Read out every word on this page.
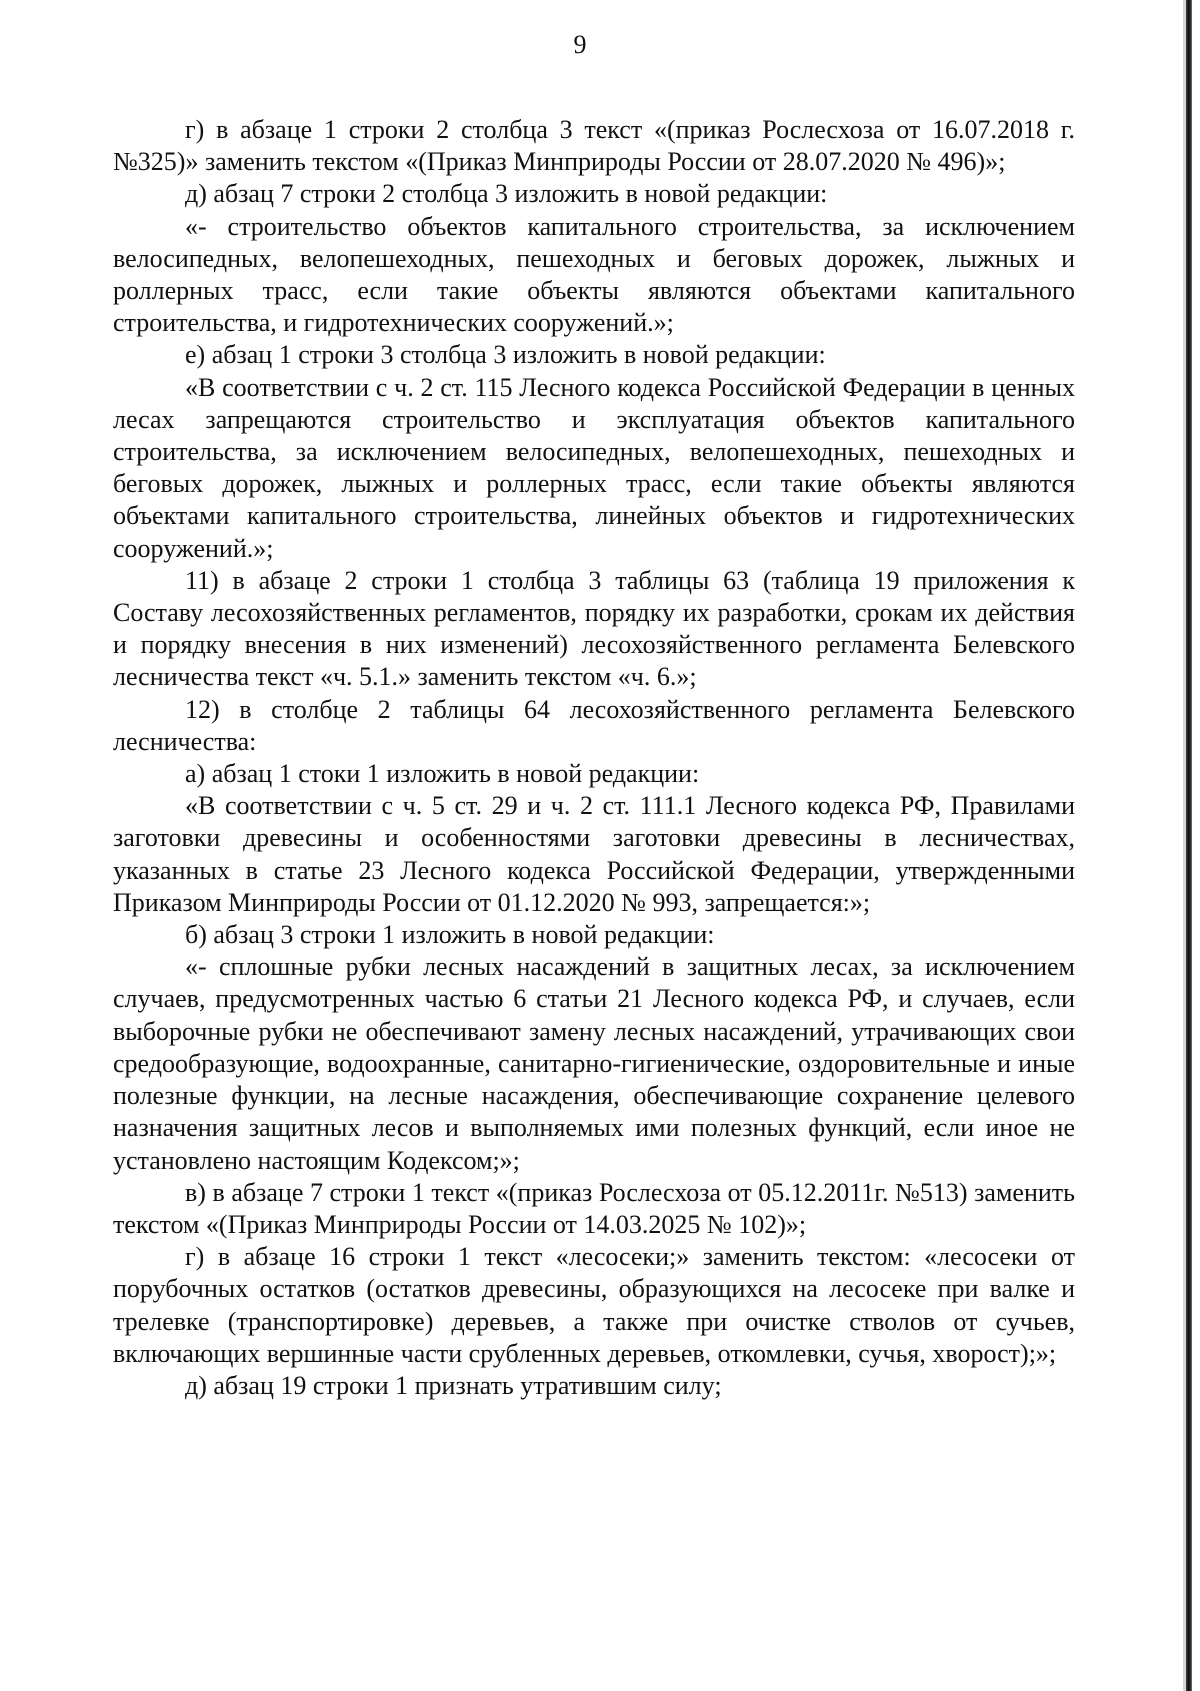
9

г) в абзаце 1 строки 2 столбца 3 текст «(приказ Рослесхоза от 16.07.2018 г. №325)» заменить текстом «(Приказ Минприроды России от 28.07.2020 № 496)»;

д) абзац 7 строки 2 столбца 3 изложить в новой редакции:

«- строительство объектов капитального строительства, за исключением велосипедных, велопешеходных, пешеходных и беговых дорожек, лыжных и роллерных трасс, если такие объекты являются объектами капитального строительства, и гидротехнических сооружений.»;

е) абзац 1 строки 3 столбца 3 изложить в новой редакции:

«В соответствии с ч. 2 ст. 115 Лесного кодекса Российской Федерации в ценных лесах запрещаются строительство и эксплуатация объектов капитального строительства, за исключением велосипедных, велопешеходных, пешеходных и беговых дорожек, лыжных и роллерных трасс, если такие объекты являются объектами капитального строительства, линейных объектов и гидротехнических сооружений.»;

11) в абзаце 2 строки 1 столбца 3 таблицы 63 (таблица 19 приложения к Составу лесохозяйственных регламентов, порядку их разработки, срокам их действия и порядку внесения в них изменений) лесохозяйственного регламента Белевского лесничества текст «ч. 5.1.» заменить текстом «ч. 6.»;

12) в столбце 2 таблицы 64 лесохозяйственного регламента Белевского лесничества:

а) абзац 1 стоки 1 изложить в новой редакции:

«В соответствии с ч. 5 ст. 29 и ч. 2 ст. 111.1 Лесного кодекса РФ, Правилами заготовки древесины и особенностями заготовки древесины в лесничествах, указанных в статье 23 Лесного кодекса Российской Федерации, утвержденными Приказом Минприроды России от 01.12.2020 № 993, запрещается:»;

б) абзац 3 строки 1 изложить в новой редакции:

«- сплошные рубки лесных насаждений в защитных лесах, за исключением случаев, предусмотренных частью 6 статьи 21 Лесного кодекса РФ, и случаев, если выборочные рубки не обеспечивают замену лесных насаждений, утрачивающих свои средообразующие, водоохранные, санитарно-гигиенические, оздоровительные и иные полезные функции, на лесные насаждения, обеспечивающие сохранение целевого назначения защитных лесов и выполняемых ими полезных функций, если иное не установлено настоящим Кодексом;»;

в) в абзаце 7 строки 1 текст «(приказ Рослесхоза от 05.12.2011г. №513) заменить текстом «(Приказ Минприроды России от 14.03.2025 № 102)»;

г) в абзаце 16 строки 1 текст «лесосеки;» заменить текстом: «лесосеки от порубочных остатков (остатков древесины, образующихся на лесосеке при валке и трелевке (транспортировке) деревьев, а также при очистке стволов от сучьев, включающих вершинные части срубленных деревьев, откомлевки, сучья, хворост);»;

д) абзац 19 строки 1 признать утратившим силу;
